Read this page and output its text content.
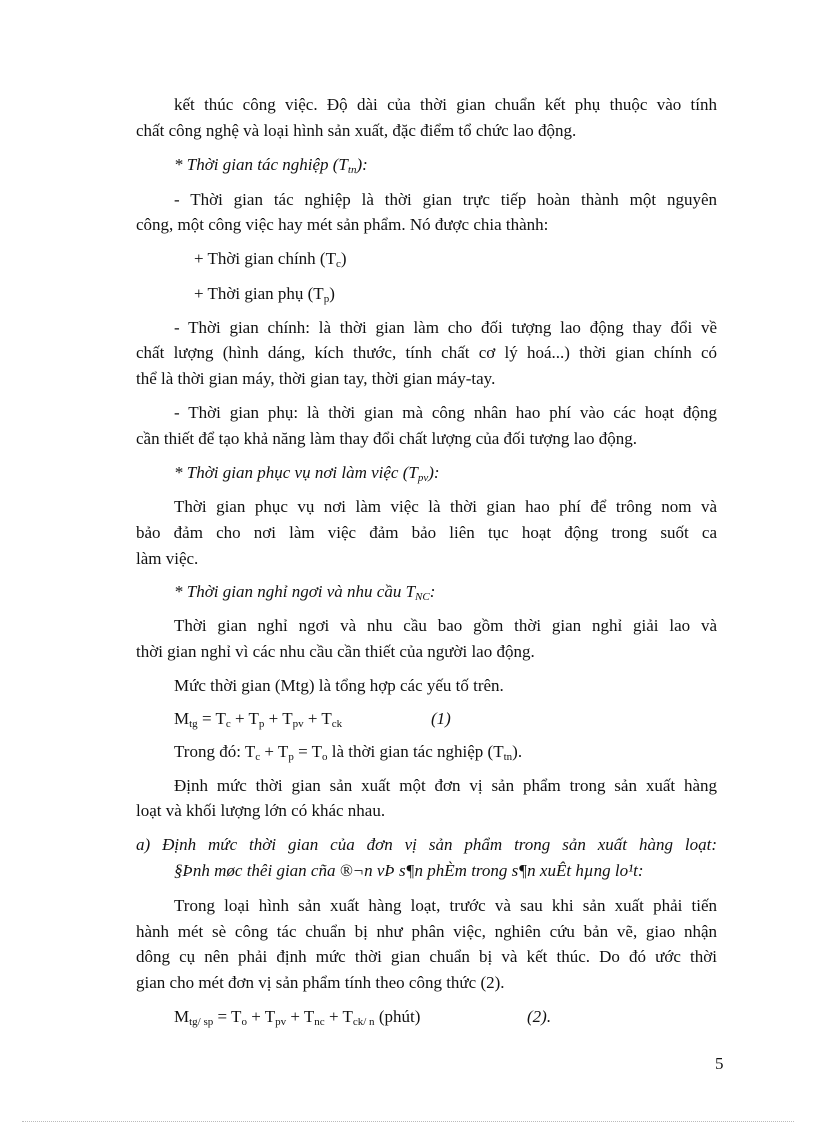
kết thúc công việc. Độ dài của thời gian chuẩn kết phụ thuộc vào tính
chất công nghệ và loại hình sản xuất, đặc điểm tổ chức lao động.
* Thời gian tác nghiệp $(T_{tn})$:
- Thời gian tác nghiệp là thời gian trực tiếp hoàn thành một nguyên
công, một công việc hay mét sản phẩm. Nó được chia thành:
+ Thời gian chính $(T_c)$
+ Thời gian phụ $(T_p)$
- Thời gian chính: là thời gian làm cho đối tượng lao động thay đổi về
chất lượng (hình dáng, kích thước, tính chất cơ lý hoá...) thời gian chính có
thể là thời gian máy, thời gian tay, thời gian máy-tay.
- Thời gian phụ: là thời gian mà công nhân hao phí vào các hoạt động
cần thiết để tạo khả năng làm thay đổi chất lượng của đối tượng lao động.
* Thời gian phục vụ nơi làm việc $(T_{pv})$:
Thời gian phục vụ nơi làm việc là thời gian hao phí để trông nom và
bảo đảm cho nơi làm việc đảm bảo liên tục hoạt động trong suốt ca
làm việc.
* Thời gian nghỉ ngơi và nhu cầu $T_{NC}$:
Thời gian nghỉ ngơi và nhu cầu bao gồm thời gian nghỉ giải lao và
thời gian nghỉ vì các nhu cầu cần thiết của người lao động.
Mức thời gian (Mtg) là tổng hợp các yếu tố trên.
$M_{tg} = T_c + T_p + T_{pv} + T_{ck}$	(1)
Trong đó: $T_c + T_p = T_o$ là thời gian tác nghiệp $(T_{tn})$.
Định mức thời gian sản xuất một đơn vị sản phẩm trong sản xuất hàng
loạt và khối lượng lớn có khác nhau.
a) Định mức thời gian của đơn vị sản phẩm trong sản xuất hàng loạt:
§Þnh møc thêi gian cña ®¬n vÞ s¶n phÈm trong s¶n xuÊt hµng lo¹t:
Trong loại hình sản xuất hàng loạt, trước và sau khi sản xuất phải tiến
hành mét sè công tác chuẩn bị như phân việc, nghiên cứu bản vẽ, giao nhận
dông cụ nên phải định mức thời gian chuẩn bị và kết thúc. Do đó ước thời
gian cho mét đơn vị sản phẩm tính theo công thức (2).
$M_{tg/ sp} = T_o + T_{pv} + T_{nc} + T_{ck/ n}$ (phút)	(2).
5
